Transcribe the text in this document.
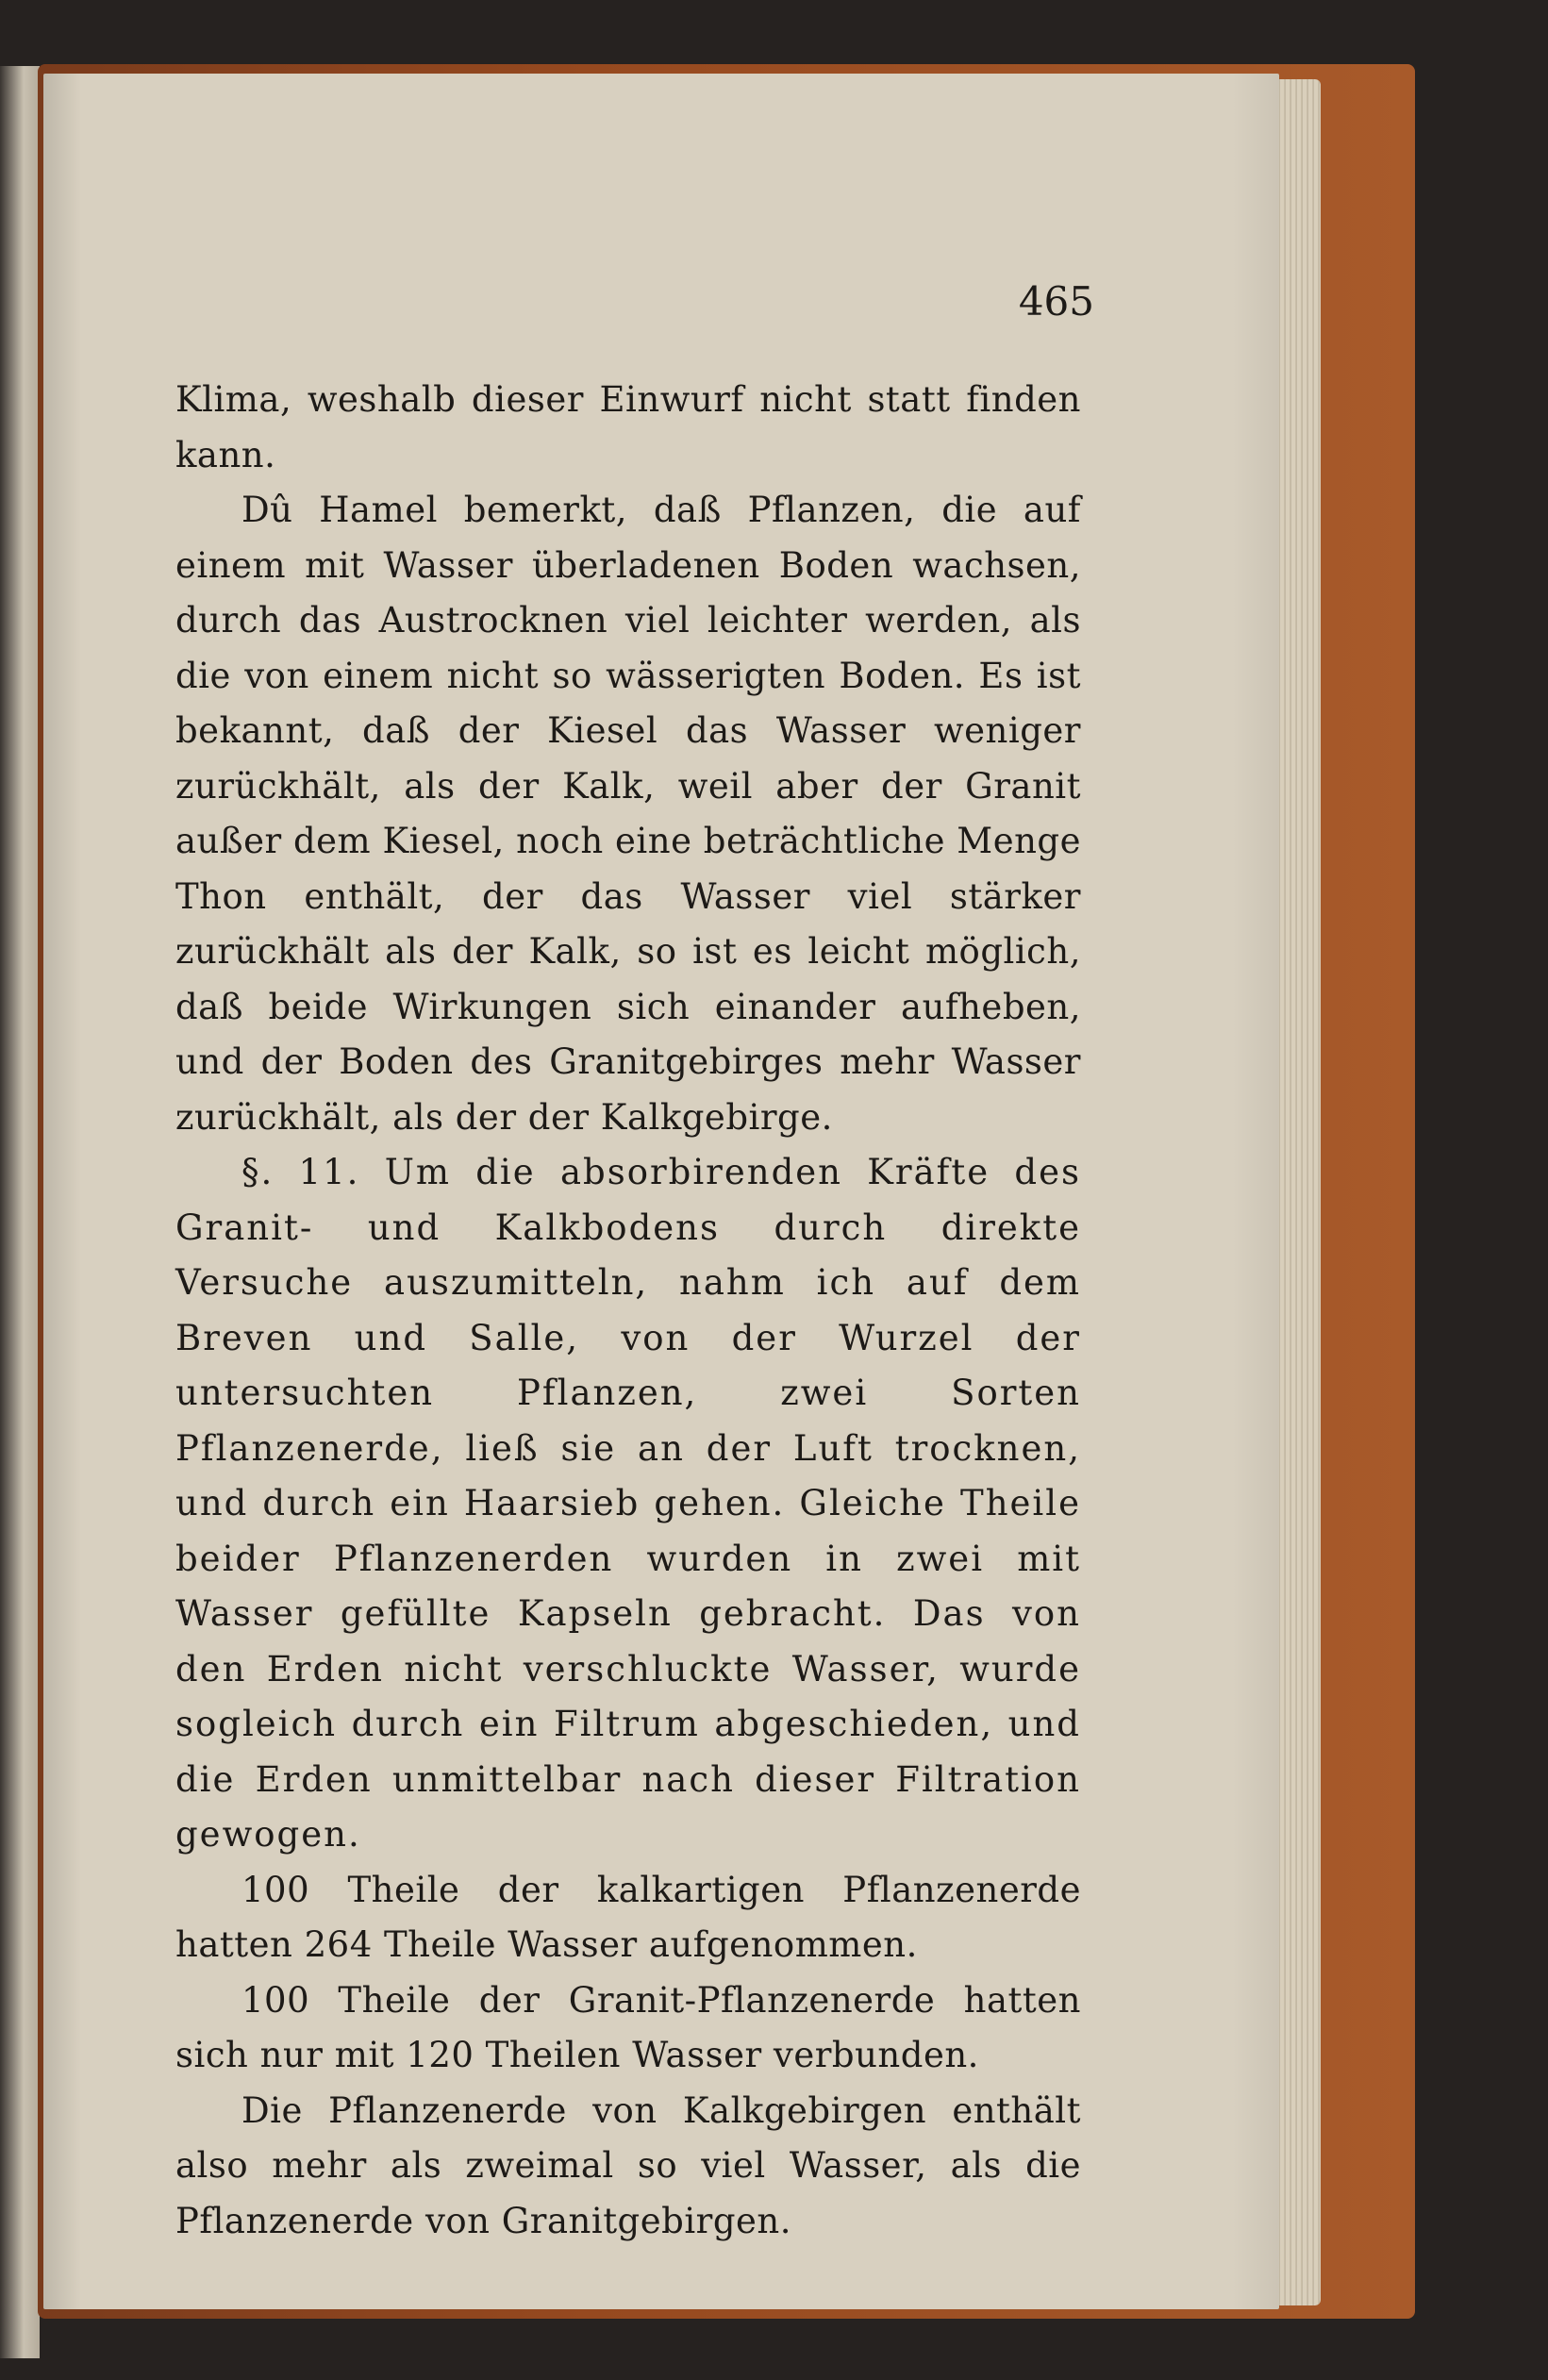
465

Klima, weshalb dieser Einwurf nicht statt finden kann.

Dû Hamel bemerkt, daß Pflanzen, die auf einem mit Wasser überladenen Boden wachsen, durch das Austrocknen viel leichter werden, als die von einem nicht so wässerigten Boden. Es ist bekannt, daß der Kiesel das Wasser weniger zurückhält, als der Kalk, weil aber der Granit außer dem Kiesel, noch eine beträchtliche Menge Thon enthält, der das Wasser viel stärker zurückhält als der Kalk, so ist es leicht möglich, daß beide Wirkungen sich einander aufheben, und der Boden des Granitgebirges mehr Wasser zurückhält, als der der Kalkgebirge.

§. 11. Um die absorbirenden Kräfte des Granit- und Kalkbodens durch direkte Versuche auszumitteln, nahm ich auf dem Breven und Salle, von der Wurzel der untersuchten Pflanzen, zwei Sorten Pflanzenerde, ließ sie an der Luft trocknen, und durch ein Haarsieb gehen. Gleiche Theile beider Pflanzenerden wurden in zwei mit Wasser gefüllte Kapseln gebracht. Das von den Erden nicht verschluckte Wasser, wurde sogleich durch ein Filtrum abgeschieden, und die Erden unmittelbar nach dieser Filtration gewogen.

100 Theile der kalkartigen Pflanzenerde hatten 264 Theile Wasser aufgenommen.

100 Theile der Granit-Pflanzenerde hatten sich nur mit 120 Theilen Wasser verbunden.

Die Pflanzenerde von Kalkgebirgen enthält also mehr als zweimal so viel Wasser, als die Pflanzenerde von Granitgebirgen.
